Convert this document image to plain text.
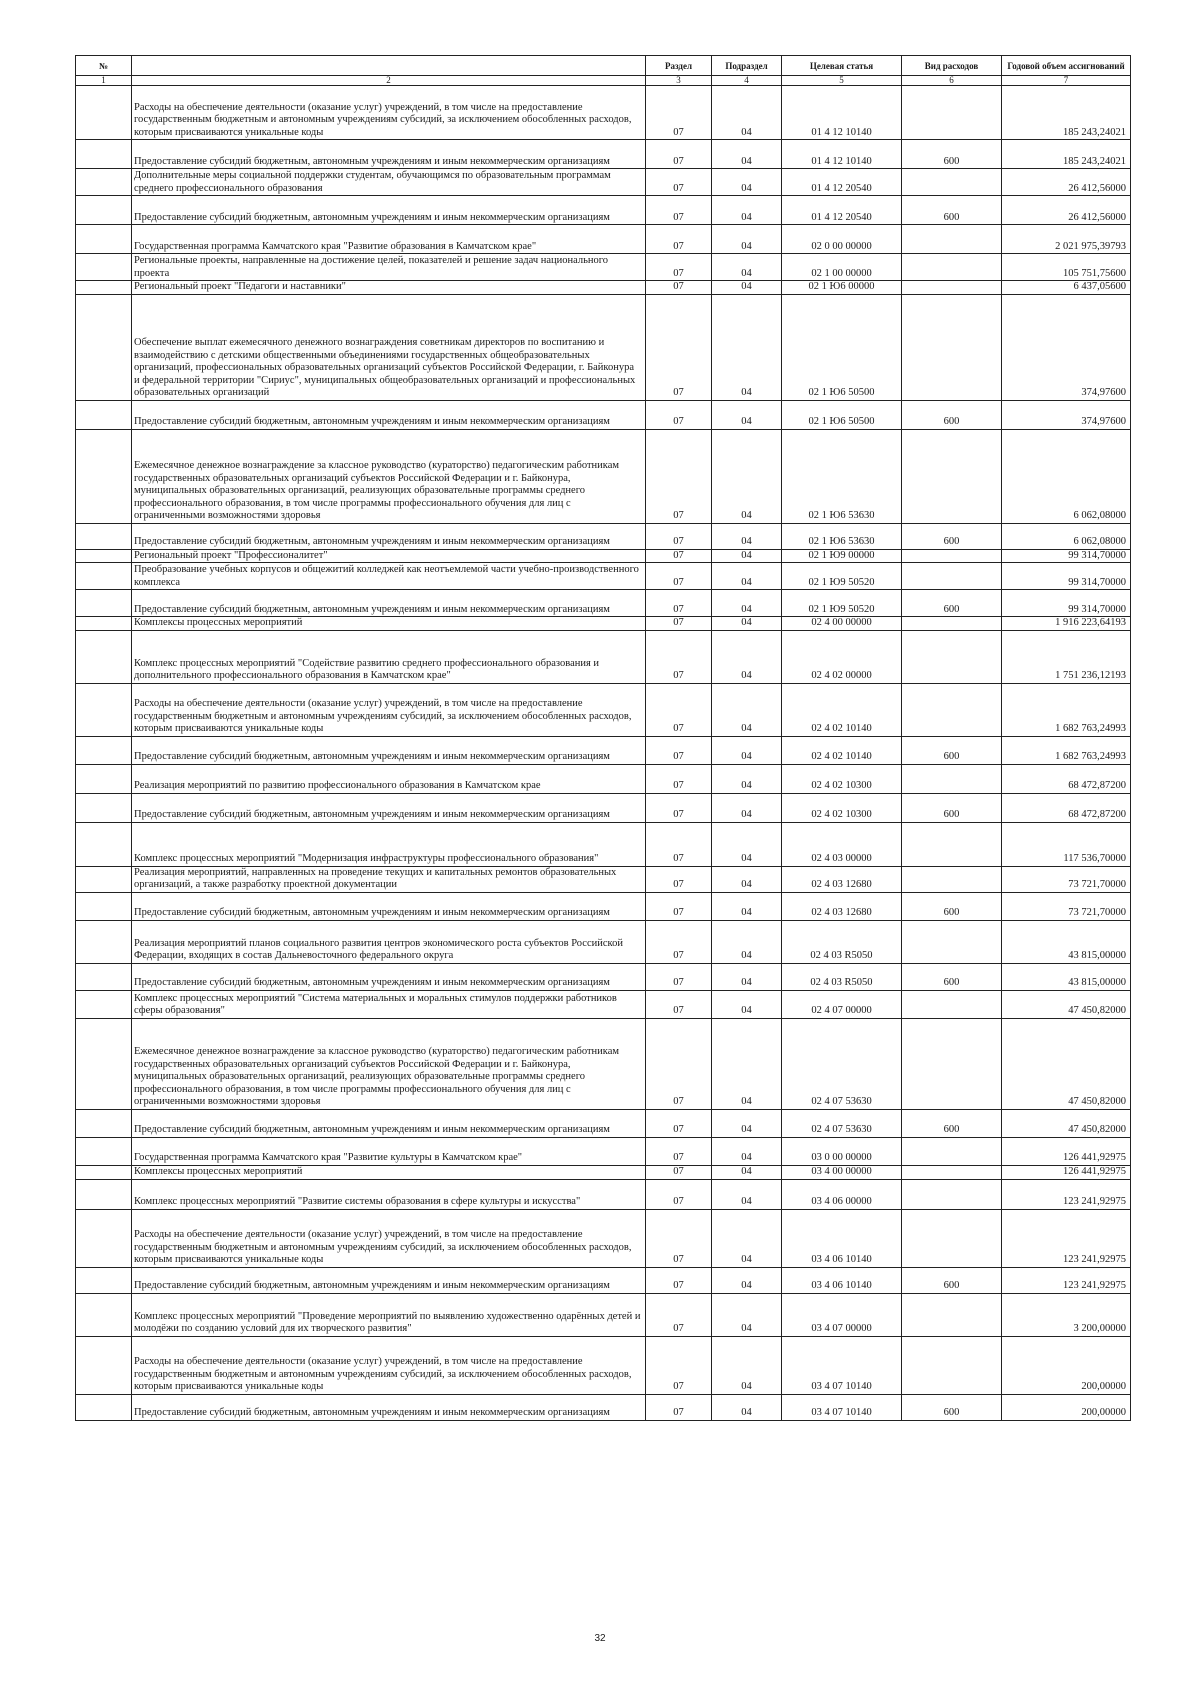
№		Раздел	Подраздел	Целевая статья	Вид расходов	Годовой объем ассигнований
1	2	3	4	5	6	7
	Расходы на обеспечение деятельности (оказание услуг) учреждений, в том числе на предоставление государственным бюджетным и автономным учреждениям субсидий, за исключением обособленных расходов, которым присваиваются уникальные коды	07	04	01 4 12 10140		185 243,24021
	Предоставление субсидий бюджетным, автономным учреждениям и иным некоммерческим организациям	07	04	01 4 12 10140	600	185 243,24021
	Дополнительные меры социальной поддержки студентам, обучающимся по образовательным программам среднего профессионального образования	07	04	01 4 12 20540		26 412,56000
	Предоставление субсидий бюджетным, автономным учреждениям и иным некоммерческим организациям	07	04	01 4 12 20540	600	26 412,56000
	Государственная программа Камчатского края "Развитие образования в Камчатском крае"	07	04	02 0 00 00000		2 021 975,39793
	Региональные проекты, направленные на достижение целей, показателей и решение задач национального проекта	07	04	02 1 00 00000		105 751,75600
	Региональный проект "Педагоги и наставники"	07	04	02 1 Ю6 00000		6 437,05600
	Обеспечение выплат ежемесячного денежного вознаграждения советникам директоров по воспитанию и взаимодействию с детскими общественными объединениями государственных общеобразовательных организаций, профессиональных образовательных организаций субъектов Российской Федерации, г. Байконура и федеральной территории "Сириус", муниципальных общеобразовательных организаций и профессиональных образовательных организаций	07	04	02 1 Ю6 50500		374,97600
	Предоставление субсидий бюджетным, автономным учреждениям и иным некоммерческим организациям	07	04	02 1 Ю6 50500	600	374,97600
	Ежемесячное денежное вознаграждение за классное руководство (кураторство) педагогическим работникам государственных образовательных организаций субъектов Российской Федерации и г. Байконура, муниципальных образовательных организаций, реализующих образовательные программы среднего профессионального образования, в том числе программы профессионального обучения для лиц с ограниченными возможностями здоровья	07	04	02 1 Ю6 53630		6 062,08000
	Предоставление субсидий бюджетным, автономным учреждениям и иным некоммерческим организациям	07	04	02 1 Ю6 53630	600	6 062,08000
	Региональный проект "Профессионалитет"	07	04	02 1 Ю9 00000		99 314,70000
	Преобразование учебных корпусов и общежитий колледжей как неотъемлемой части учебно-производственного комплекса	07	04	02 1 Ю9 50520		99 314,70000
	Предоставление субсидий бюджетным, автономным учреждениям и иным некоммерческим организациям	07	04	02 1 Ю9 50520	600	99 314,70000
	Комплексы процессных мероприятий	07	04	02 4 00 00000		1 916 223,64193
	Комплекс процессных мероприятий "Содействие развитию среднего профессионального образования и дополнительного профессионального образования в Камчатском крае"	07	04	02 4 02 00000		1 751 236,12193
	Расходы на обеспечение деятельности (оказание услуг) учреждений, в том числе на предоставление государственным бюджетным и автономным учреждениям субсидий, за исключением обособленных расходов, которым присваиваются уникальные коды	07	04	02 4 02 10140		1 682 763,24993
	Предоставление субсидий бюджетным, автономным учреждениям и иным некоммерческим организациям	07	04	02 4 02 10140	600	1 682 763,24993
	Реализация мероприятий по развитию профессионального образования в Камчатском крае	07	04	02 4 02 10300		68 472,87200
	Предоставление субсидий бюджетным, автономным учреждениям и иным некоммерческим организациям	07	04	02 4 02 10300	600	68 472,87200
	Комплекс процессных мероприятий "Модернизация инфраструктуры профессионального образования"	07	04	02 4 03 00000		117 536,70000
	Реализация мероприятий, направленных на проведение текущих и капитальных ремонтов образовательных организаций, а также разработку проектной документации	07	04	02 4 03 12680		73 721,70000
	Предоставление субсидий бюджетным, автономным учреждениям и иным некоммерческим организациям	07	04	02 4 03 12680	600	73 721,70000
	Реализация мероприятий планов социального развития центров экономического роста субъектов Российской Федерации, входящих в состав Дальневосточного федерального округа	07	04	02 4 03 R5050		43 815,00000
	Предоставление субсидий бюджетным, автономным учреждениям и иным некоммерческим организациям	07	04	02 4 03 R5050	600	43 815,00000
	Комплекс процессных мероприятий "Система материальных и моральных стимулов поддержки работников сферы образования"	07	04	02 4 07 00000		47 450,82000
	Ежемесячное денежное вознаграждение за классное руководство (кураторство) педагогическим работникам государственных образовательных организаций субъектов Российской Федерации и г. Байконура, муниципальных образовательных организаций, реализующих образовательные программы среднего профессионального образования, в том числе программы профессионального обучения для лиц с ограниченными возможностями здоровья	07	04	02 4 07 53630		47 450,82000
	Предоставление субсидий бюджетным, автономным учреждениям и иным некоммерческим организациям	07	04	02 4 07 53630	600	47 450,82000
	Государственная программа Камчатского края "Развитие культуры в Камчатском крае"	07	04	03 0 00 00000		126 441,92975
	Комплексы процессных мероприятий	07	04	03 4 00 00000		126 441,92975
	Комплекс процессных мероприятий "Развитие системы образования в сфере культуры и искусства"	07	04	03 4 06 00000		123 241,92975
	Расходы на обеспечение деятельности (оказание услуг) учреждений, в том числе на предоставление государственным бюджетным и автономным учреждениям субсидий, за исключением обособленных расходов, которым присваиваются уникальные коды	07	04	03 4 06 10140		123 241,92975
	Предоставление субсидий бюджетным, автономным учреждениям и иным некоммерческим организациям	07	04	03 4 06 10140	600	123 241,92975
	Комплекс процессных мероприятий "Проведение мероприятий по выявлению художественно одарённых детей и молодёжи по созданию условий для их творческого развития"	07	04	03 4 07 00000		3 200,00000
	Расходы на обеспечение деятельности (оказание услуг) учреждений, в том числе на предоставление государственным бюджетным и автономным учреждениям субсидий, за исключением обособленных расходов, которым присваиваются уникальные коды	07	04	03 4 07 10140		200,00000
	Предоставление субсидий бюджетным, автономным учреждениям и иным некоммерческим организациям	07	04	03 4 07 10140	600	200,00000
32
